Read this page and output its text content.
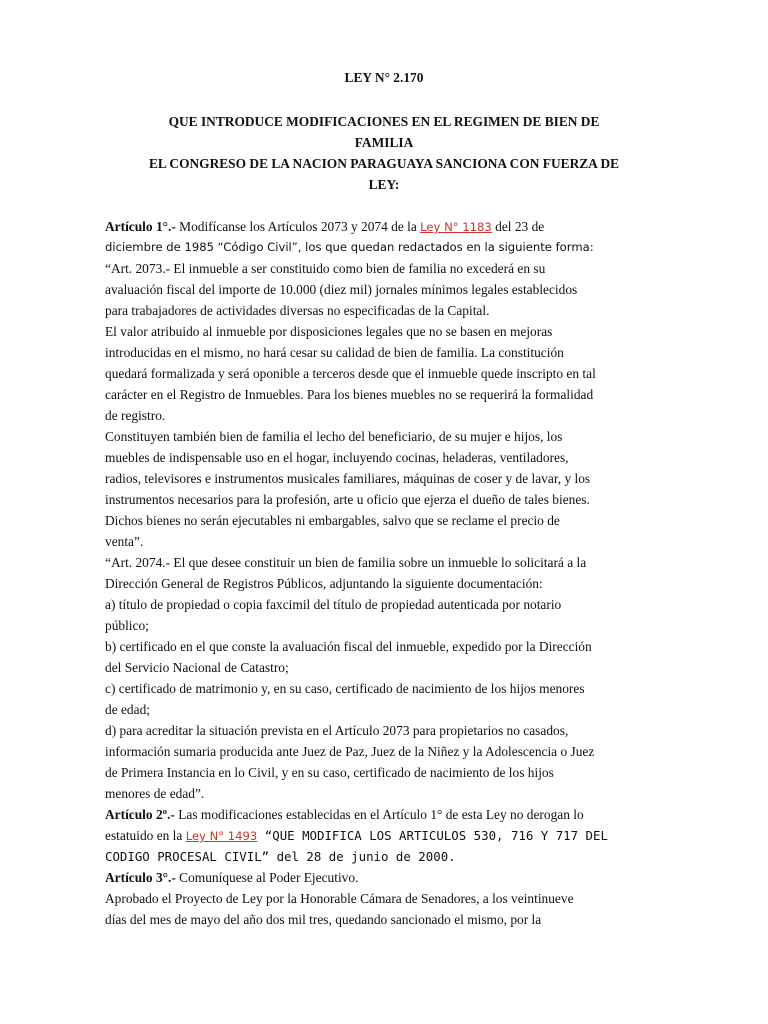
LEY N° 2.170
QUE INTRODUCE MODIFICACIONES EN EL REGIMEN DE BIEN DE
FAMILIA
EL CONGRESO DE LA NACION PARAGUAYA SANCIONA CON FUERZA DE
LEY:
Artículo 1°.- Modifícanse los Artículos 2073 y 2074 de la Ley N° 1183 del 23 de
diciembre de 1985 “Código Civil”, los que quedan redactados en la siguiente forma:
“Art. 2073.- El inmueble a ser constituido como bien de familia no excederá en su
avaluación fiscal del importe de 10.000 (diez mil) jornales mínimos legales establecidos
para trabajadores de actividades diversas no especificadas de la Capital.
El valor atribuido al inmueble por disposiciones legales que no se basen en mejoras
introducidas en el mismo, no hará cesar su calidad de bien de familia. La constitución
quedará formalizada y será oponible a terceros desde que el inmueble quede inscripto en tal
carácter en el Registro de Inmuebles. Para los bienes muebles no se requerirá la formalidad
de registro.
Constituyen también bien de familia el lecho del beneficiario, de su mujer e hijos, los
muebles de indispensable uso en el hogar, incluyendo cocinas, heladeras, ventiladores,
radios, televisores e instrumentos musicales familiares, máquinas de coser y de lavar, y los
instrumentos necesarios para la profesión, arte u oficio que ejerza el dueño de tales bienes.
Dichos bienes no serán ejecutables ni embargables, salvo que se reclame el precio de
venta”.
“Art. 2074.- El que desee constituir un bien de familia sobre un inmueble lo solicitará a la
Dirección General de Registros Públicos, adjuntando la siguiente documentación:
a) título de propiedad o copia faxcimil del título de propiedad autenticada por notario
público;
b) certificado en el que conste la avaluación fiscal del inmueble, expedido por la Dirección
del Servicio Nacional de Catastro;
c) certificado de matrimonio y, en su caso, certificado de nacimiento de los hijos menores
de edad;
d) para acreditar la situación prevista en el Artículo 2073 para propietarios no casados,
información sumaria producida ante Juez de Paz, Juez de la Niñez y la Adolescencia o Juez
de Primera Instancia en lo Civil, y en su caso, certificado de nacimiento de los hijos
menores de edad”.
Artículo 2º.- Las modificaciones establecidas en el Artículo 1° de esta Ley no derogan lo
estatuido en la Ley N° 1493 “QUE MODIFICA LOS ARTICULOS 530, 716 Y 717 DEL
CODIGO PROCESAL CIVIL” del 28 de junio de 2000.
Artículo 3°.- Comuníquese al Poder Ejecutivo.
Aprobado el Proyecto de Ley por la Honorable Cámara de Senadores, a los veintinueve
días del mes de mayo del año dos mil tres, quedando sancionado el mismo, por la
